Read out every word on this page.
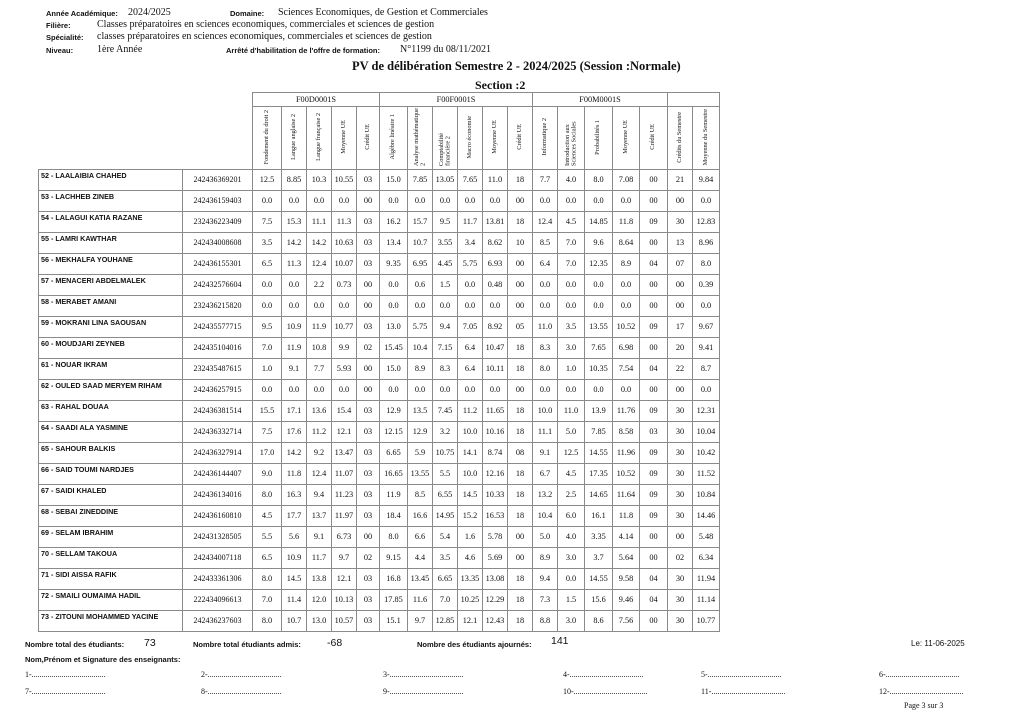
Année Académique: 2024/2025	Domaine: Sciences Economiques, de Gestion et Commerciales
Filière:	Classes préparatoires en sciences economiques, commerciales et sciences de gestion
Spécialité: classes préparatoires en sciences economiques, commerciales et sciences de gestion
Niveau: 1ère Année	Arrêté d'habilitation de l'offre de formation: N°1199 du 08/11/2021
PV de délibération Semestre 2 - 2024/2025 (Session :Normale)
Section :2
		F00D0001S					F00F0001S						F00M0001S						
		Fondement du droit 2	Langue anglaise 2	Langue française 2	Moyenne UE	Crédit UE	Algèbre linéaire 1	Analyse mathématique 2	Comptabilité financière 2	Macro économie	Moyenne UE	Crédit UE	Informatique 2	Introduction aux Sciences Sociales	Probabilités 1	Moyenne UE	Crédit UE	Crédits du Semestre	Moyenne du Semestre
52 - LAALAIBIA CHAHED	242436369201	12.5	8.85	10.3	10.55	03	15.0	7.85	13.05	7.65	11.0	18	7.7	4.0	8.0	7.08	00	21	9.84
53 - LACHHEB ZINEB	242436159403	0.0	0.0	0.0	0.0	00	0.0	0.0	0.0	0.0	0.0	00	0.0	0.0	0.0	0.0	00	00	0.0
54 - LALAGUI KATIA RAZANE	232436223409	7.5	15.3	11.1	11.3	03	16.2	15.7	9.5	11.7	13.81	18	12.4	4.5	14.85	11.8	09	30	12.83
55 - LAMRI KAWTHAR	242434008608	3.5	14.2	14.2	10.63	03	13.4	10.7	3.55	3.4	8.62	10	8.5	7.0	9.6	8.64	00	13	8.96
56 - MEKHALFA YOUHANE	242436155301	6.5	11.3	12.4	10.07	03	9.35	6.95	4.45	5.75	6.93	00	6.4	7.0	12.35	8.9	04	07	8.0
57 - MENACERI ABDELMALEK	242432576604	0.0	0.0	2.2	0.73	00	0.0	0.6	1.5	0.0	0.48	00	0.0	0.0	0.0	0.0	00	00	0.39
58 - MERABET AMANI	232436215820	0.0	0.0	0.0	0.0	00	0.0	0.0	0.0	0.0	0.0	00	0.0	0.0	0.0	0.0	00	00	0.0
59 - MOKRANI LINA SAOUSAN	242435577715	9.5	10.9	11.9	10.77	03	13.0	5.75	9.4	7.05	8.92	05	11.0	3.5	13.55	10.52	09	17	9.67
60 - MOUDJARI ZEYNEB	242435104016	7.0	11.9	10.8	9.9	02	15.45	10.4	7.15	6.4	10.47	18	8.3	3.0	7.65	6.98	00	20	9.41
61 - NOUAR IKRAM	232435487615	1.0	9.1	7.7	5.93	00	15.0	8.9	8.3	6.4	10.11	18	8.0	1.0	10.35	7.54	04	22	8.7
62 - OULED SAAD MERYEM RIHAM	242436257915	0.0	0.0	0.0	0.0	00	0.0	0.0	0.0	0.0	0.0	00	0.0	0.0	0.0	0.0	00	00	0.0
63 - RAHAL DOUAA	242436381514	15.5	17.1	13.6	15.4	03	12.9	13.5	7.45	11.2	11.65	18	10.0	11.0	13.9	11.76	09	30	12.31
64 - SAADI ALA YASMINE	242436332714	7.5	17.6	11.2	12.1	03	12.15	12.9	3.2	10.0	10.16	18	11.1	5.0	7.85	8.58	03	30	10.04
65 - SAHOUR BALKIS	242436327914	17.0	14.2	9.2	13.47	03	6.65	5.9	10.75	14.1	8.74	08	9.1	12.5	14.55	11.96	09	30	10.42
66 - SAID TOUMI NARDJES	242436144407	9.0	11.8	12.4	11.07	03	16.65	13.55	5.5	10.0	12.16	18	6.7	4.5	17.35	10.52	09	30	11.52
67 - SAIDI KHALED	242436134016	8.0	16.3	9.4	11.23	03	11.9	8.5	6.55	14.5	10.33	18	13.2	2.5	14.65	11.64	09	30	10.84
68 - SEBAI ZINEDDINE	242436160810	4.5	17.7	13.7	11.97	03	18.4	16.6	14.95	15.2	16.53	18	10.4	6.0	16.1	11.8	09	30	14.46
69 - SELAM IBRAHIM	242431328505	5.5	5.6	9.1	6.73	00	8.0	6.6	5.4	1.6	5.78	00	5.0	4.0	3.35	4.14	00	00	5.48
70 - SELLAM TAKOUA	242434007118	6.5	10.9	11.7	9.7	02	9.15	4.4	3.5	4.6	5.69	00	8.9	3.0	3.7	5.64	00	02	6.34
71 - SIDI AISSA RAFIK	242433361306	8.0	14.5	13.8	12.1	03	16.8	13.45	6.65	13.35	13.08	18	9.4	0.0	14.55	9.58	04	30	11.94
72 - SMAILI OUMAIMA HADIL	222434096613	7.0	11.4	12.0	10.13	03	17.85	11.6	7.0	10.25	12.29	18	7.3	1.5	15.6	9.46	04	30	11.14
73 - ZITOUNI MOHAMMED YACINE	242436237603	8.0	10.7	13.0	10.57	03	15.1	9.7	12.85	12.1	12.43	18	8.8	3.0	8.6	7.56	00	30	10.77
Nombre total des étudiants: 73	Nombre total étudiants admis: -68	Nombre des étudiants ajournés: 141	Le: 11-06-2025
Nom,Prénom et Signature des enseignants:
1-.....................................	2-.....................................	3-.....................................	4-.....................................	5-.....................................	6-.....................................
7-.....................................	8-.....................................	9-.....................................	10-.....................................	11-.....................................	12-.....................................
Page 3 sur 3
